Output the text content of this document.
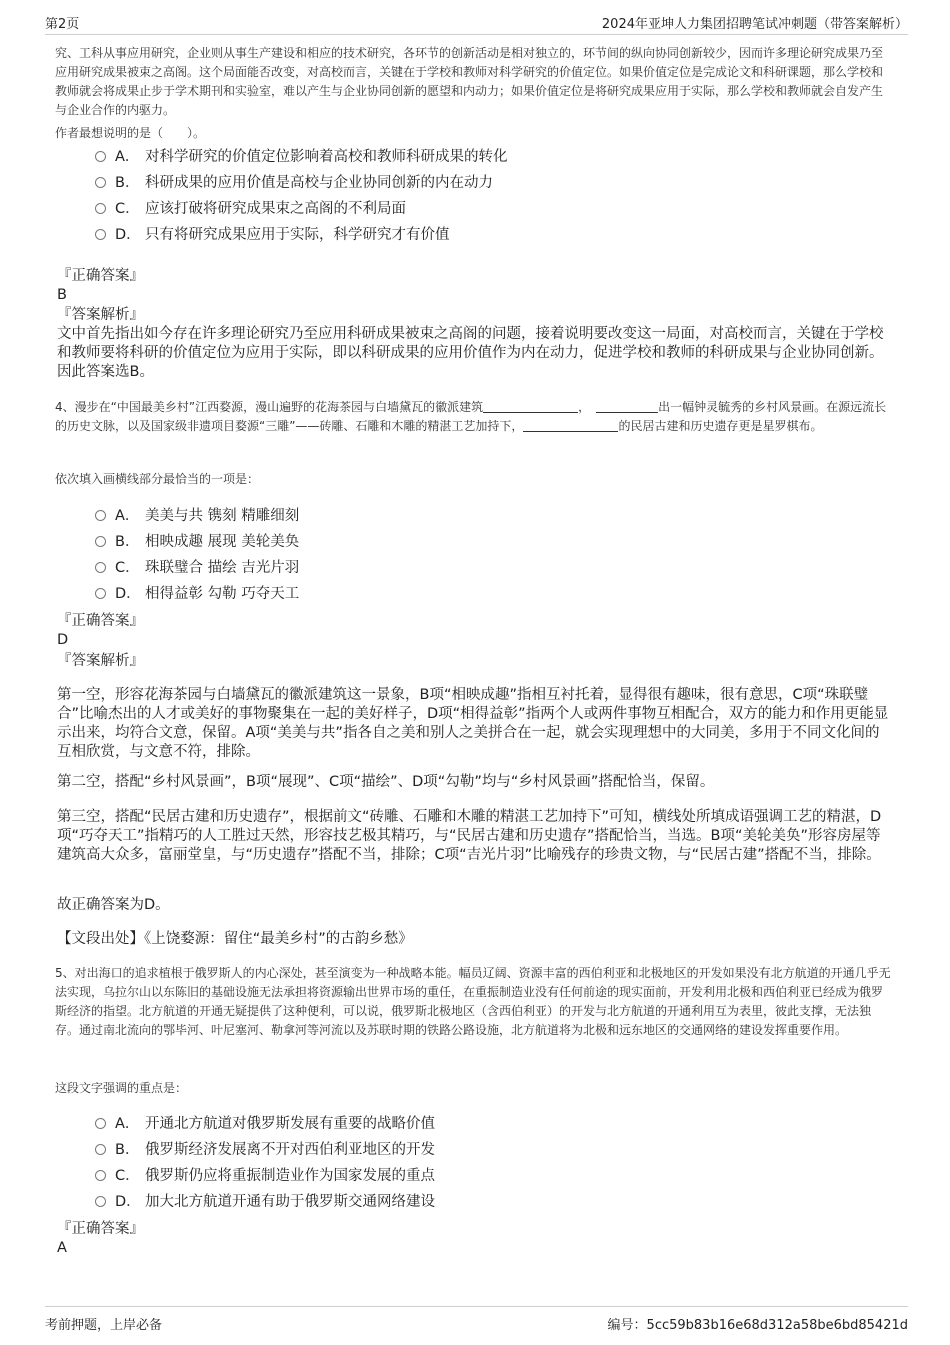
第2页	2024年亚坤人力集团招聘笔试冲刺题（带答案解析）

究、工科从事应用研究，企业则从事生产建设和相应的技术研究，各环节的创新活动是相对独立的，环节间的纵向协同创新较少，因而许多理论研究成果乃至应用研究成果被束之高阁。这个局面能否改变，对高校而言，关键在于学校和教师对科学研究的价值定位。如果价值定位是完成论文和科研课题，那么学校和教师就会将成果止步于学术期刊和实验室，难以产生与企业协同创新的愿望和内动力；如果价值定位是将研究成果应用于实际，那么学校和教师就会自发产生与企业合作的内驱力。

作者最想说明的是（　　）。

A． 对科学研究的价值定位影响着高校和教师科研成果的转化
B． 科研成果的应用价值是高校与企业协同创新的内在动力
C． 应该打破将研究成果束之高阁的不利局面
D． 只有将研究成果应用于实际，科学研究才有价值

『正确答案』

B

『答案解析』

文中首先指出如今存在许多理论研究乃至应用科研成果被束之高阁的问题，接着说明要改变这一局面，对高校而言，关键在于学校和教师要将科研的价值定位为应用于实际，即以科研成果的应用价值作为内在动力，促进学校和教师的科研成果与企业协同创新。因此答案选B。

4、漫步在“中国最美乡村”江西婺源，漫山遍野的花海茶园与白墙黛瓦的徽派建筑	，	出一幅钟灵毓秀的乡村风景画。在源远流长的历史文脉，以及国家级非遗项目婺源“三雕”——砖雕、石雕和木雕的精湛工艺加持下，	的民居古建和历史遗存更是星罗棋布。

依次填入画横线部分最恰当的一项是：

A． 美美与共 镌刻 精雕细刻
B． 相映成趣 展现 美轮美奂
C． 珠联璧合 描绘 吉光片羽
D． 相得益彰 勾勒 巧夺天工

『正确答案』

D

『答案解析』

第一空，形容花海茶园与白墙黛瓦的徽派建筑这一景象，B项“相映成趣”指相互衬托着，显得很有趣味，很有意思，C项“珠联璧合”比喻杰出的人才或美好的事物聚集在一起的美好样子，D项“相得益彰”指两个人或两件事物互相配合，双方的能力和作用更能显示出来，均符合文意，保留。A项“美美与共”指各自之美和别人之美拼合在一起，就会实现理想中的大同美，多用于不同文化间的互相欣赏，与文意不符，排除。

第二空，搭配“乡村风景画”，B项“展现”、C项“描绘”、D项“勾勒”均与“乡村风景画”搭配恰当，保留。

第三空，搭配“民居古建和历史遗存”，根据前文“砖雕、石雕和木雕的精湛工艺加持下”可知，横线处所填成语强调工艺的精湛，D项“巧夺天工”指精巧的人工胜过天然，形容技艺极其精巧，与“民居古建和历史遗存”搭配恰当，当选。B项“美轮美奂”形容房屋等建筑高大众多，富丽堂皇，与“历史遗存”搭配不当，排除；C项“吉光片羽”比喻残存的珍贵文物，与“民居古建”搭配不当，排除。

故正确答案为D。

【文段出处】《上饶婺源：留住“最美乡村”的古韵乡愁》

5、对出海口的追求植根于俄罗斯人的内心深处，甚至演变为一种战略本能。幅员辽阔、资源丰富的西伯利亚和北极地区的开发如果没有北方航道的开通几乎无法实现，乌拉尔山以东陈旧的基础设施无法承担将资源输出世界市场的重任，在重振制造业没有任何前途的现实面前，开发利用北极和西伯利亚已经成为俄罗斯经济的指望。北方航道的开通无疑提供了这种便利，可以说，俄罗斯北极地区（含西伯利亚）的开发与北方航道的开通利用互为表里，彼此支撑，无法独存。通过南北流向的鄂毕河、叶尼塞河、勒拿河等河流以及苏联时期的铁路公路设施，北方航道将为北极和远东地区的交通网络的建设发挥重要作用。

这段文字强调的重点是：

A． 开通北方航道对俄罗斯发展有重要的战略价值
B． 俄罗斯经济发展离不开对西伯利亚地区的开发
C． 俄罗斯仍应将重振制造业作为国家发展的重点
D． 加大北方航道开通有助于俄罗斯交通网络建设

『正确答案』

A

考前押题，上岸必备	编号：5cc59b83b16e68d312a58be6bd85421d
